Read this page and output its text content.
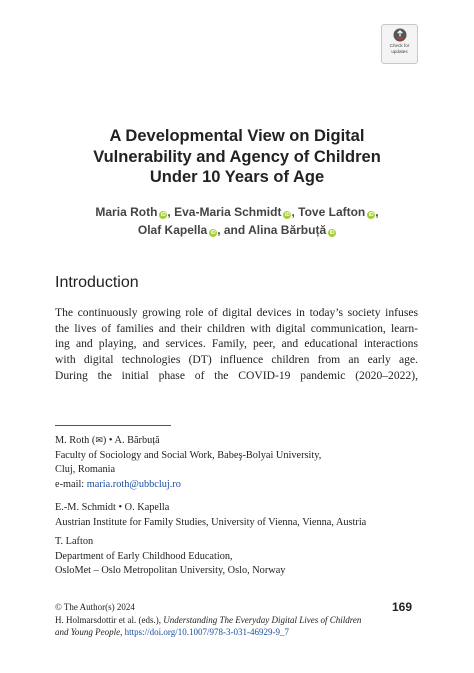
Check for
updates
A Developmental View on Digital
Vulnerability and Agency of Children
Under 10 Years of Age
Maria Roth iD , Eva-Maria Schmidt iD , Tove Lafton iD ,
Olaf Kapella iD , and Alina Bărbuță iD
Introduction
The continuously growing role of digital devices in today’s society infuses
the lives of families and their children with digital communication, learn-
ing and playing, and services. Family, peer, and educational interactions
with digital technologies (DT) influence children from an early age.
During the initial phase of the COVID-19 pandemic (2020–2022),
M. Roth (✉) • A. Bărbuță
Faculty of Sociology and Social Work, Babeş-Bolyai University,
Cluj, Romania
e-mail: maria.roth@ubbcluj.ro
E.-M. Schmidt • O. Kapella
Austrian Institute for Family Studies, University of Vienna, Vienna, Austria
T. Lafton
Department of Early Childhood Education,
OsloMet – Oslo Metropolitan University, Oslo, Norway
169
© The Author(s) 2024
H. Holmarsdottir et al. (eds.), Understanding The Everyday Digital Lives of Children
and Young People, https://doi.org/10.1007/978-3-031-46929-9_7
